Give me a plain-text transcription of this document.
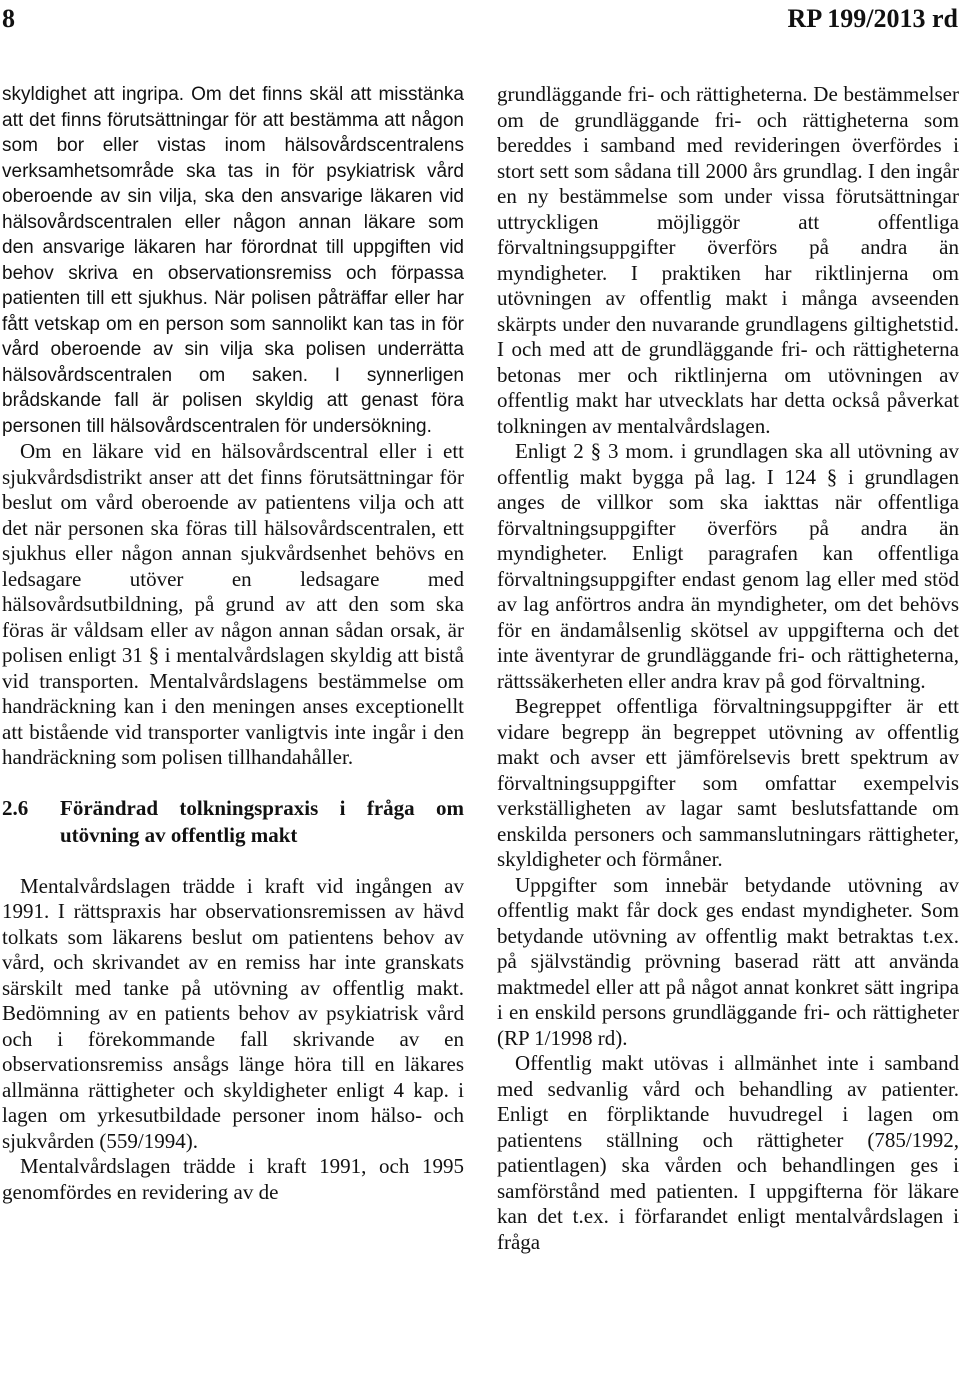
8	RP 199/2013 rd

skyldighet att ingripa. Om det finns skäl att misstänka att det finns förutsättningar för att bestämma att någon som bor eller vistas inom hälsovårdscentralens verksamhetsområde ska tas in för psykiatrisk vård oberoende av sin vilja, ska den ansvarige läkaren vid hälsovårdscentralen eller någon annan läkare som den ansvarige läkaren har förordnat till uppgiften vid behov skriva en observationsremiss och förpassa patienten till ett sjukhus. När polisen påträffar eller har fått vetskap om en person som sannolikt kan tas in för vård oberoende av sin vilja ska polisen underrätta hälsovårdscentralen om saken. I synnerligen brådskande fall är polisen skyldig att genast föra personen till hälsovårdscentralen för undersökning.

Om en läkare vid en hälsovårdscentral eller i ett sjukvårdsdistrikt anser att det finns förutsättningar för beslut om vård oberoende av patientens vilja och att det när personen ska föras till hälsovårdscentralen, ett sjukhus eller någon annan sjukvårdsenhet behövs en ledsagare utöver en ledsagare med hälsovårdsutbildning, på grund av att den som ska föras är våldsam eller av någon annan sådan orsak, är polisen enligt 31 § i mentalvårdslagen skyldig att bistå vid transporten. Mentalvårdslagens bestämmelse om handräckning kan i den meningen anses exceptionellt att bistående vid transporter vanligtvis inte ingår i den handräckning som polisen tillhandahåller.

2.6	Förändrad tolkningspraxis i fråga om utövning av offentlig makt

Mentalvårdslagen trädde i kraft vid ingången av 1991. I rättspraxis har observationsremissen av hävd tolkats som läkarens beslut om patientens behov av vård, och skrivandet av en remiss har inte granskats särskilt med tanke på utövning av offentlig makt. Bedömning av en patients behov av psykiatrisk vård och i förekommande fall skrivande av en observationsremiss ansågs länge höra till en läkares allmänna rättigheter och skyldigheter enligt 4 kap. i lagen om yrkesutbildade personer inom hälso- och sjukvården (559/1994).

Mentalvårdslagen trädde i kraft 1991, och 1995 genomfördes en revidering av de

grundläggande fri- och rättigheterna. De bestämmelser om de grundläggande fri- och rättigheterna som bereddes i samband med revideringen överfördes i stort sett som sådana till 2000 års grundlag. I den ingår en ny bestämmelse som under vissa förutsättningar uttryckligen möjliggör att offentliga förvaltningsuppgifter överförs på andra än myndigheter. I praktiken har riktlinjerna om utövningen av offentlig makt i många avseenden skärpts under den nuvarande grundlagens giltighetstid. I och med att de grundläggande fri- och rättigheterna betonas mer och riktlinjerna om utövningen av offentlig makt har utvecklats har detta också påverkat tolkningen av mentalvårdslagen.

Enligt 2 § 3 mom. i grundlagen ska all utövning av offentlig makt bygga på lag. I 124 § i grundlagen anges de villkor som ska iakttas när offentliga förvaltningsuppgifter överförs på andra än myndigheter. Enligt paragrafen kan offentliga förvaltningsuppgifter endast genom lag eller med stöd av lag anförtros andra än myndigheter, om det behövs för en ändamålsenlig skötsel av uppgifterna och det inte äventyrar de grundläggande fri- och rättigheterna, rättssäkerheten eller andra krav på god förvaltning.

Begreppet offentliga förvaltningsuppgifter är ett vidare begrepp än begreppet utövning av offentlig makt och avser ett jämförelsevis brett spektrum av förvaltningsuppgifter som omfattar exempelvis verkställigheten av lagar samt beslutsfattande om enskilda personers och sammanslutningars rättigheter, skyldigheter och förmåner.

Uppgifter som innebär betydande utövning av offentlig makt får dock ges endast myndigheter. Som betydande utövning av offentlig makt betraktas t.ex. på självständig prövning baserad rätt att använda maktmedel eller att på något annat konkret sätt ingripa i en enskild persons grundläggande fri- och rättigheter (RP 1/1998 rd).

Offentlig makt utövas i allmänhet inte i samband med sedvanlig vård och behandling av patienter. Enligt en förpliktande huvudregel i lagen om patientens ställning och rättigheter (785/1992, patientlagen) ska vården och behandlingen ges i samförstånd med patienten. I uppgifterna för läkare kan det t.ex. i förfarandet enligt mentalvårdslagen i fråga
